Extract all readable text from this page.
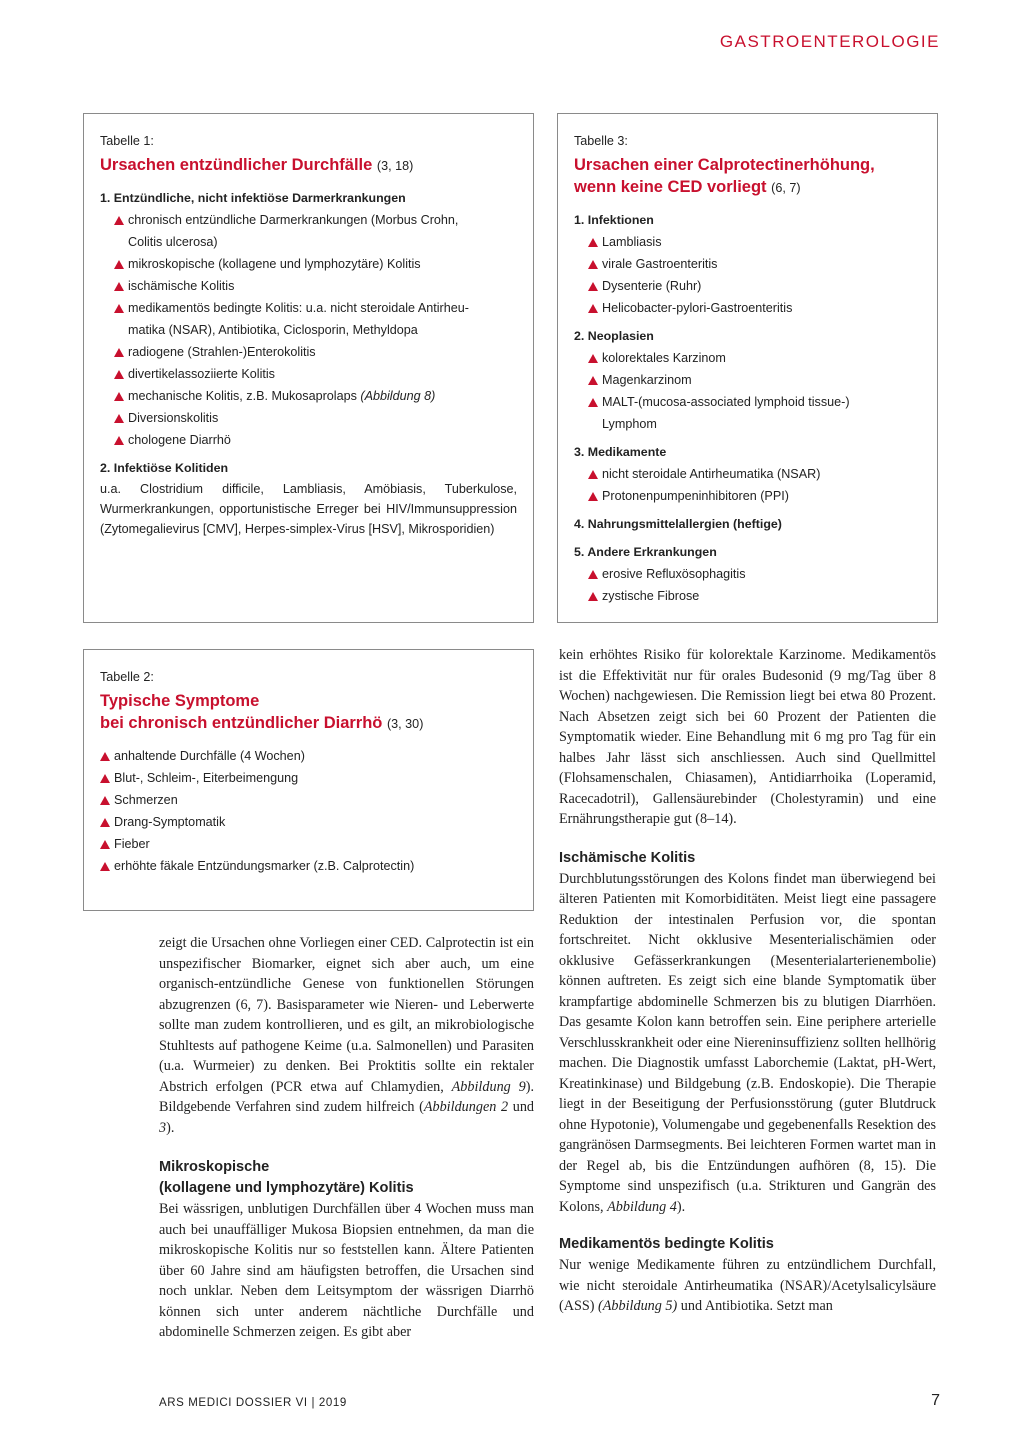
GASTROENTEROLOGIE
Tabelle 1:
Ursachen entzündlicher Durchfälle (3, 18)
1. Entzündliche, nicht infektiöse Darmerkrankungen
chronisch entzündliche Darmerkrankungen (Morbus Crohn,
Colitis ulcerosa)
mikroskopische (kollagene und lymphozytäre) Kolitis
ischämische Kolitis
medikamentös bedingte Kolitis: u.a. nicht steroidale Antirheu-
matika (NSAR), Antibiotika, Ciclosporin, Methyldopa
radiogene (Strahlen-)Enterokolitis
divertikelassoziierte Kolitis
mechanische Kolitis, z.B. Mukosaprolaps (Abbildung 8)
Diversionskolitis
chologene Diarrhö
2. Infektiöse Kolitiden
u.a. Clostridium difficile, Lambliasis, Amöbiasis, Tuberkulose, Wurmerkrankungen, opportunistische Erreger bei HIV/Immunsuppression (Zytomegalievirus [CMV], Herpes-simplex-Virus [HSV], Mikrosporidien)
Tabelle 3:
Ursachen einer Calprotectinerhöhung,
wenn keine CED vorliegt (6, 7)
1. Infektionen
Lambliasis
virale Gastroenteritis
Dysenterie (Ruhr)
Helicobacter-pylori-Gastroenteritis
2. Neoplasien
kolorektales Karzinom
Magenkarzinom
MALT-(mucosa-associated lymphoid tissue-)
Lymphom
3. Medikamente
nicht steroidale Antirheumatika (NSAR)
Protonenpumpeninhibitoren (PPI)
4. Nahrungsmittelallergien (heftige)
5. Andere Erkrankungen
erosive Refluxösophagitis
zystische Fibrose
Tabelle 2:
Typische Symptome
bei chronisch entzündlicher Diarrhö (3, 30)
anhaltende Durchfälle (4 Wochen)
Blut-, Schleim-, Eiterbeimengung
Schmerzen
Drang-Symptomatik
Fieber
erhöhte fäkale Entzündungsmarker (z.B. Calprotectin)

zeigt die Ursachen ohne Vorliegen einer CED. Calprotectin ist ein unspezifischer Biomarker, eignet sich aber auch, um eine organisch-entzündliche Genese von funktionellen Störungen abzugrenzen (6, 7). Basisparameter wie Nieren- und Leberwerte sollte man zudem kontrollieren, und es gilt, an mikrobiologische Stuhltests auf pathogene Keime (u.a. Salmonellen) und Parasiten (u.a. Wurmeier) zu denken. Bei Proktitis sollte ein rektaler Abstrich erfolgen (PCR etwa auf Chlamydien, Abbildung 9). Bildgebende Verfahren sind zudem hilfreich (Abbildungen 2 und 3).

Mikroskopische
(kollagene und lymphozytäre) Kolitis

Bei wässrigen, unblutigen Durchfällen über 4 Wochen muss man auch bei unauffälliger Mukosa Biopsien entnehmen, da man die mikroskopische Kolitis nur so feststellen kann. Ältere Patienten über 60 Jahre sind am häufigsten betroffen, die Ursachen sind noch unklar. Neben dem Leitsymptom der wässrigen Diarrhö können sich unter anderem nächtliche Durchfälle und abdominelle Schmerzen zeigen. Es gibt aber

kein erhöhtes Risiko für kolorektale Karzinome. Medikamentös ist die Effektivität nur für orales Budesonid (9 mg/Tag über 8 Wochen) nachgewiesen. Die Remission liegt bei etwa 80 Prozent. Nach Absetzen zeigt sich bei 60 Prozent der Patienten die Symptomatik wieder. Eine Behandlung mit 6 mg pro Tag für ein halbes Jahr lässt sich anschliessen. Auch sind Quellmittel (Flohsamenschalen, Chiasamen), Antidiarrhoika (Loperamid, Racecadotril), Gallensäurebinder (Cholestyramin) und eine Ernährungstherapie gut (8–14).

Ischämische Kolitis

Durchblutungsstörungen des Kolons findet man überwiegend bei älteren Patienten mit Komorbiditäten. Meist liegt eine passagere Reduktion der intestinalen Perfusion vor, die spontan fortschreitet. Nicht okklusive Mesenterialischämien oder okklusive Gefässerkrankungen (Mesenterialarterienembolie) können auftreten. Es zeigt sich eine blande Symptomatik über krampfartige abdominelle Schmerzen bis zu blutigen Diarrhöen. Das gesamte Kolon kann betroffen sein. Eine periphere arterielle Verschlusskrankheit oder eine Niereninsuffizienz sollten hellhörig machen. Die Diagnostik umfasst Laborchemie (Laktat, pH-Wert, Kreatinkinase) und Bildgebung (z.B. Endoskopie). Die Therapie liegt in der Beseitigung der Perfusionsstörung (guter Blutdruck ohne Hypotonie), Volumengabe und gegebenenfalls Resektion des gangränösen Darmsegments. Bei leichteren Formen wartet man in der Regel ab, bis die Entzündungen aufhören (8, 15). Die Symptome sind unspezifisch (u.a. Strikturen und Gangrän des Kolons, Abbildung 4).

Medikamentös bedingte Kolitis

Nur wenige Medikamente führen zu entzündlichem Durchfall, wie nicht steroidale Antirheumatika (NSAR)/Acetylsalicylsäure (ASS) (Abbildung 5) und Antibiotika. Setzt man

ARS MEDICI DOSSIER VI | 2019	7
